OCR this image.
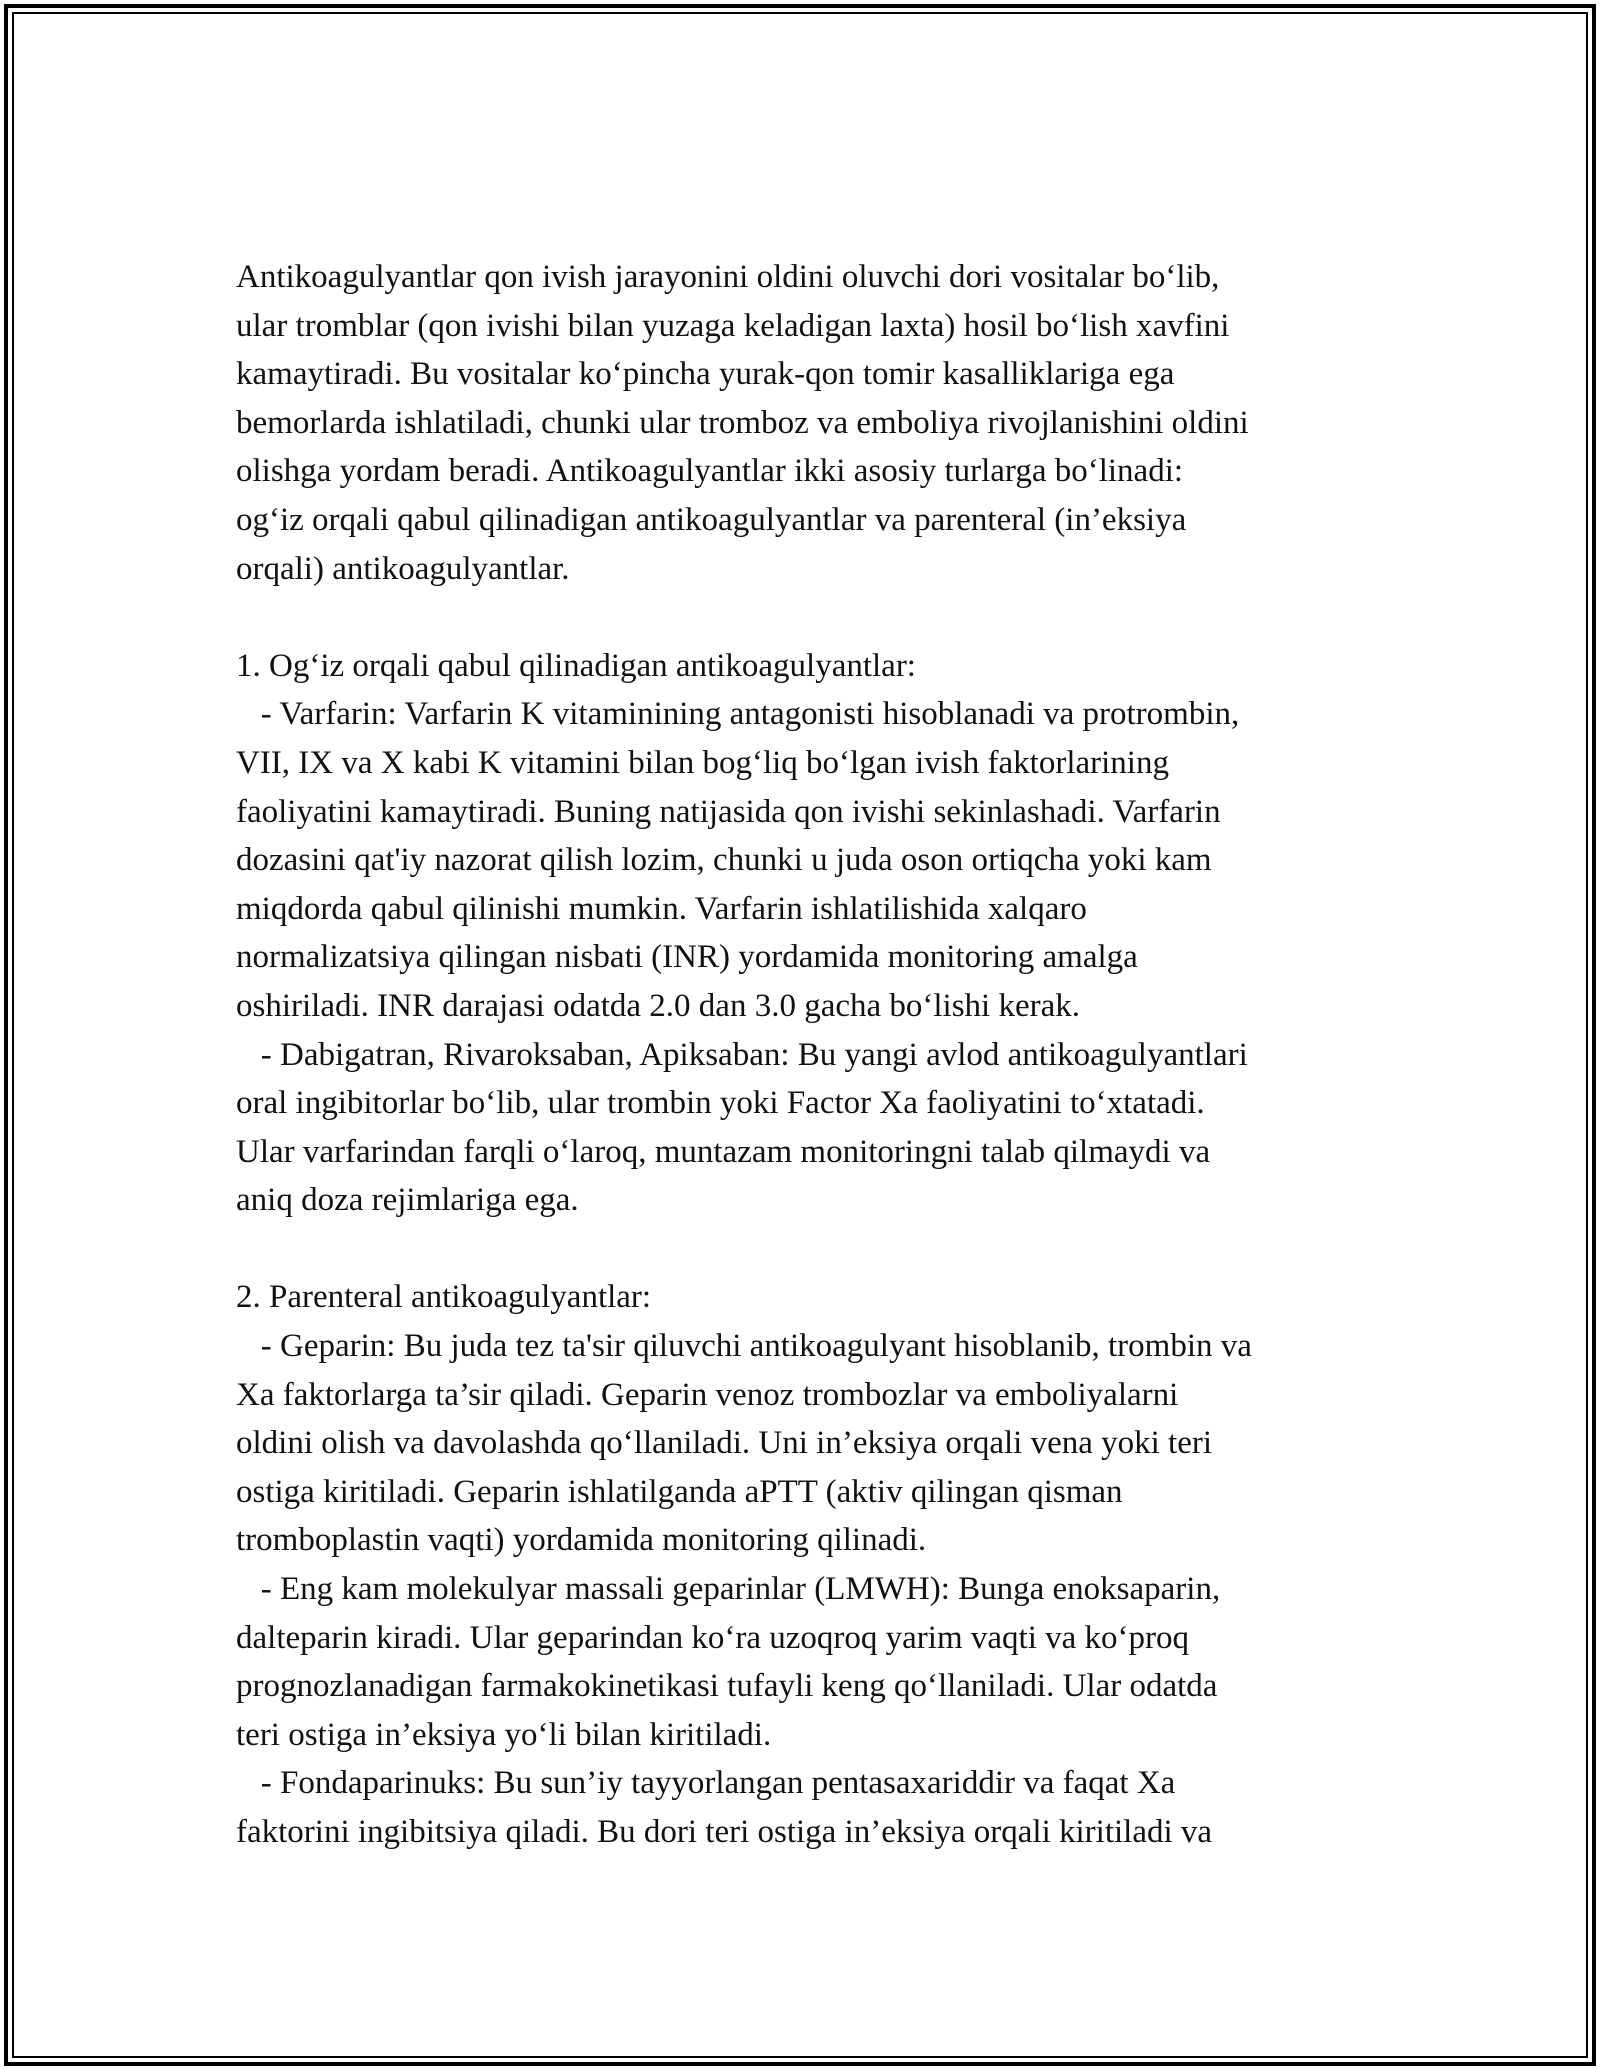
Antikoagulyantlar qon ivish jarayonini oldini oluvchi dori vositalar bo‘lib,
ular tromblar (qon ivishi bilan yuzaga keladigan laxta) hosil bo‘lish xavfini
kamaytiradi. Bu vositalar ko‘pincha yurak-qon tomir kasalliklariga ega
bemorlarda ishlatiladi, chunki ular tromboz va emboliya rivojlanishini oldini
olishga yordam beradi. Antikoagulyantlar ikki asosiy turlarga bo‘linadi:
og‘iz orqali qabul qilinadigan antikoagulyantlar va parenteral (in’eksiya
orqali) antikoagulyantlar.
1. Og‘iz orqali qabul qilinadigan antikoagulyantlar:
- Varfarin: Varfarin K vitaminining antagonisti hisoblanadi va protrombin,
VII, IX va X kabi K vitamini bilan bog‘liq bo‘lgan ivish faktorlarining
faoliyatini kamaytiradi. Buning natijasida qon ivishi sekinlashadi. Varfarin
dozasini qat'iy nazorat qilish lozim, chunki u juda oson ortiqcha yoki kam
miqdorda qabul qilinishi mumkin. Varfarin ishlatilishida xalqaro
normalizatsiya qilingan nisbati (INR) yordamida monitoring amalga
oshiriladi. INR darajasi odatda 2.0 dan 3.0 gacha bo‘lishi kerak.
- Dabigatran, Rivaroksaban, Apiksaban: Bu yangi avlod antikoagulyantlari
oral ingibitorlar bo‘lib, ular trombin yoki Factor Xa faoliyatini to‘xtatadi.
Ular varfarindan farqli o‘laroq, muntazam monitoringni talab qilmaydi va
aniq doza rejimlariga ega.
2. Parenteral antikoagulyantlar:
- Geparin: Bu juda tez ta'sir qiluvchi antikoagulyant hisoblanib, trombin va
Xa faktorlarga ta’sir qiladi. Geparin venoz trombozlar va emboliyalarni
oldini olish va davolashda qo‘llaniladi. Uni in’eksiya orqali vena yoki teri
ostiga kiritiladi. Geparin ishlatilganda aPTT (aktiv qilingan qisman
tromboplastin vaqti) yordamida monitoring qilinadi.
- Eng kam molekulyar massali geparinlar (LMWH): Bunga enoksaparin,
dalteparin kiradi. Ular geparindan ko‘ra uzoqroq yarim vaqti va ko‘proq
prognozlanadigan farmakokinetikasi tufayli keng qo‘llaniladi. Ular odatda
teri ostiga in’eksiya yo‘li bilan kiritiladi.
- Fondaparinuks: Bu sun’iy tayyorlangan pentasaxariddir va faqat Xa
faktorini ingibitsiya qiladi. Bu dori teri ostiga in’eksiya orqali kiritiladi va
